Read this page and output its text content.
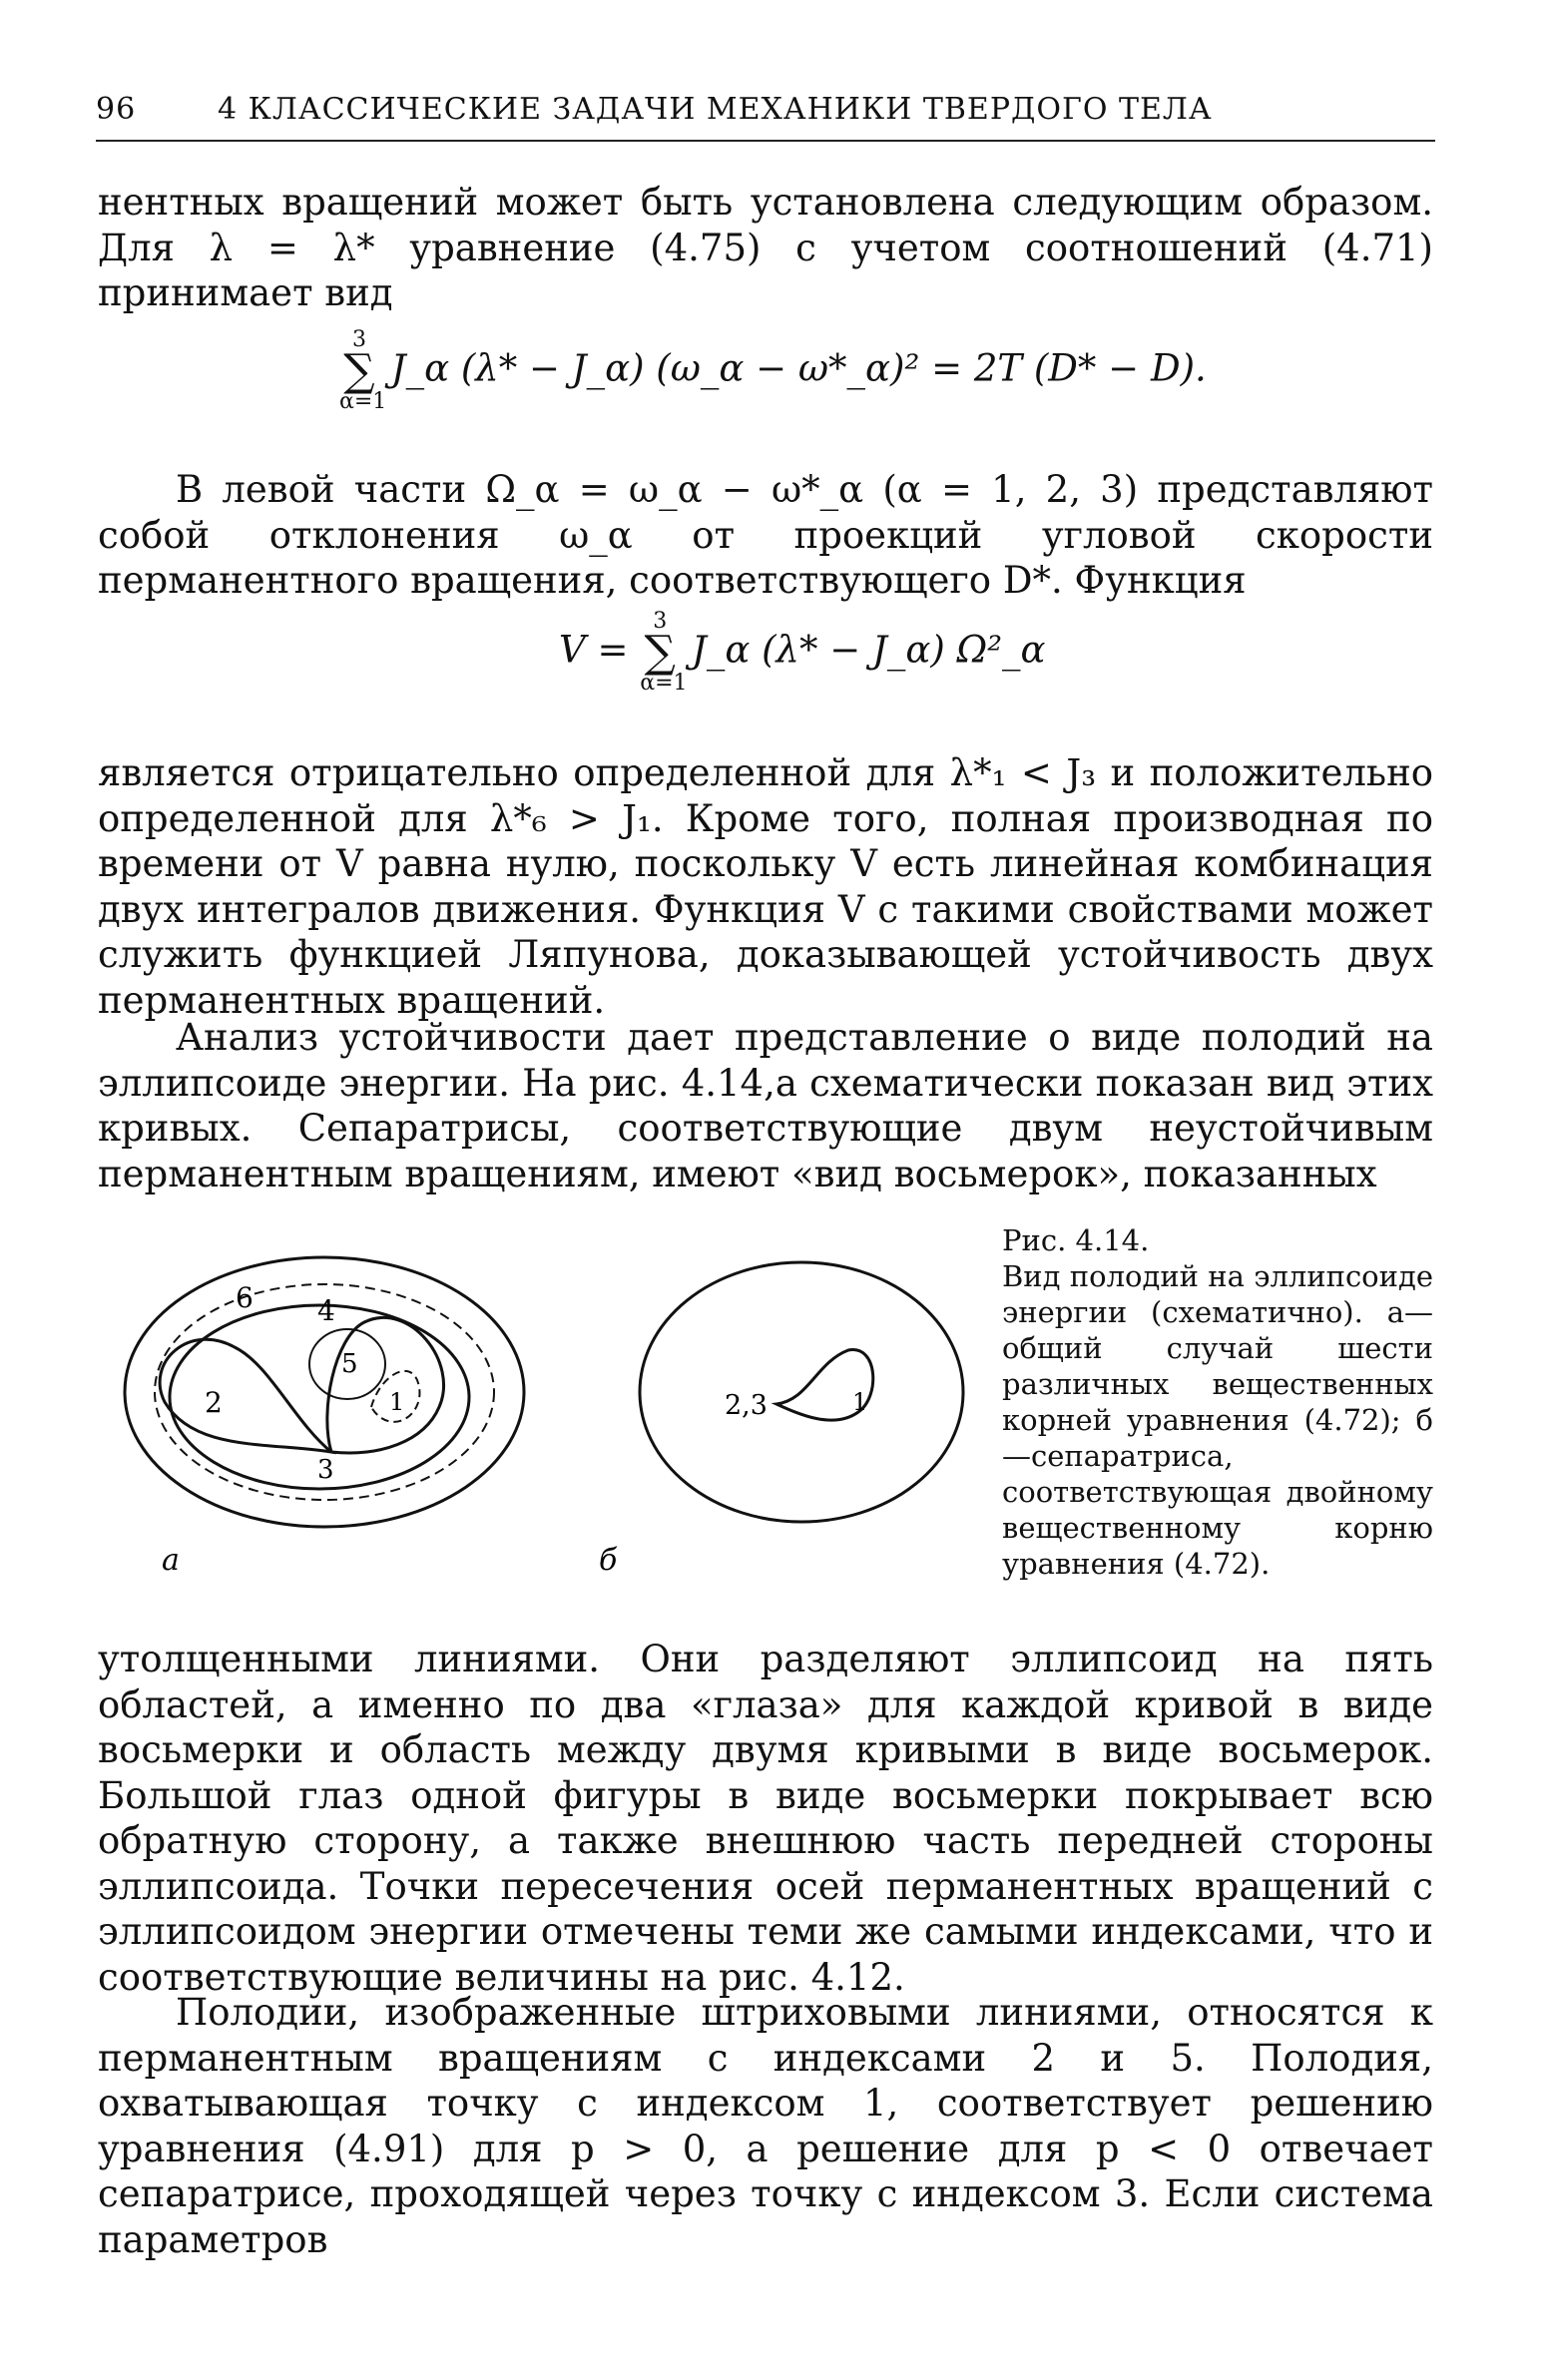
96	4 КЛАССИЧЕСКИЕ ЗАДАЧИ МЕХАНИКИ ТВЕРДОГО ТЕЛА

нентных вращений может быть установлена следующим образом. Для λ = λ* уравнение (4.75) с учетом соотношений (4.71) принимает вид

3
∑
α=1
J_α (λ* − J_α) (ω_α − ω*_α)² = 2T (D* − D).

В левой части Ω_α = ω_α − ω*_α (α = 1, 2, 3) представляют собой отклонения ω_α от проекций угловой скорости перманентного вращения, соответствующего D*. Функция

V =
3
∑
α=1
J_α (λ* − J_α) Ω²_α

является отрицательно определенной для λ*₁ < J₃ и положительно определенной для λ*₆ > J₁. Кроме того, полная производная по времени от V равна нулю, поскольку V есть линейная комбинация двух интегралов движения. Функция V с такими свойствами может служить функцией Ляпунова, доказывающей устойчивость двух перманентных вращений.

Анализ устойчивости дает представление о виде полодий на эллипсоиде энергии. На рис. 4.14,а схематически показан вид этих кривых. Сепаратрисы, соответствующие двум неустойчивым перманентным вращениям, имеют «вид восьмерок», показанных

6 4
5
2	1
3
а
2,3	1
б
Рис. 4.14.
Вид полодий на эллипсоиде энергии (схематично). а—общий случай шести различных вещественных корней уравнения (4.72); б—сепаратриса, соответствующая двойному вещественному корню уравнения (4.72).

утолщенными линиями. Они разделяют эллипсоид на пять областей, а именно по два «глаза» для каждой кривой в виде восьмерки и область между двумя кривыми в виде восьмерок. Большой глаз одной фигуры в виде восьмерки покрывает всю обратную сторону, а также внешнюю часть передней стороны эллипсоида. Точки пересечения осей перманентных вращений с эллипсоидом энергии отмечены теми же самыми индексами, что и соответствующие величины на рис. 4.12.

Полодии, изображенные штриховыми линиями, относятся к перманентным вращениям с индексами 2 и 5. Полодия, охватывающая точку с индексом 1, соответствует решению уравнения (4.91) для p > 0, а решение для p < 0 отвечает сепаратрисе, проходящей через точку с индексом 3. Если система параметров
